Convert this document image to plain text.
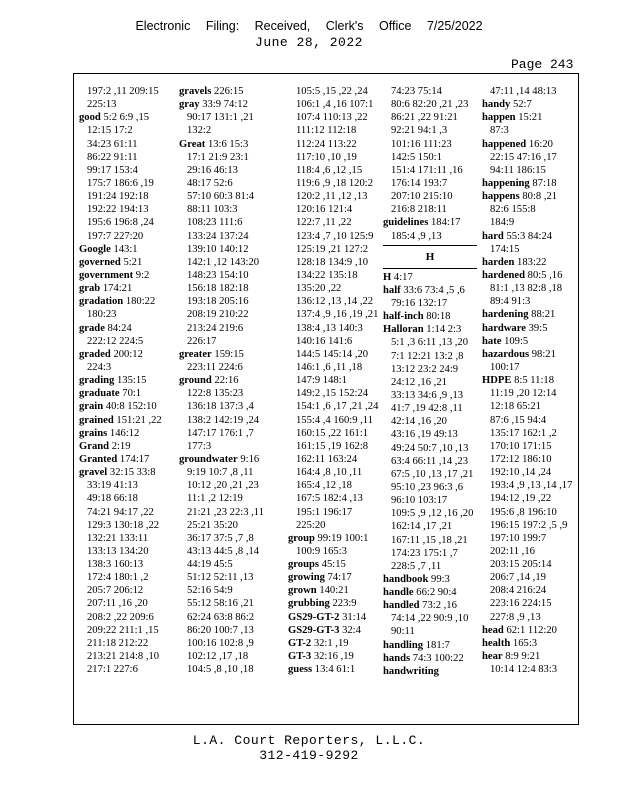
Electronic Filing: Received, Clerk's Office 7/25/2022
June 28, 2022
Page 243
197:2 ,11 209:15
225:13
good 5:2 6:9 ,15
12:15 17:2
34:23 61:11
86:22 91:11
99:17 153:4
175:7 186:6 ,19
191:24 192:18
192:22 194:13
195:6 196:8 ,24
197:7 227:20
Google 143:1
governed 5:21
government 9:2
grab 174:21
gradation 180:22
180:23
grade 84:24
222:12 224:5
graded 200:12
224:3
grading 135:15
graduate 70:1
grain 40:8 152:10
grained 151:21 ,22
grains 146:12
Grand 2:19
Granted 174:17
gravel 32:15 33:8
33:19 41:13
49:18 66:18
74:21 94:17 ,22
129:3 130:18 ,22
132:21 133:11
133:13 134:20
138:3 160:13
172:4 180:1 ,2
205:7 206:12
207:11 ,16 ,20
208:2 ,22 209:6
209:22 211:1 ,15
211:18 212:22
213:21 214:8 ,10
217:1 227:6
gravels 226:15
gray 33:9 74:12
90:17 131:1 ,21
132:2
Great 13:6 15:3
17:1 21:9 23:1
29:16 46:13
48:17 52:6
57:10 60:3 81:4
88:11 103:3
108:23 111:6
133:24 137:24
139:10 140:12
142:1 ,12 143:20
148:23 154:10
156:18 182:18
193:18 205:16
208:19 210:22
213:24 219:6
226:17
greater 159:15
223:11 224:6
ground 22:16
122:8 135:23
136:18 137:3 ,4
138:2 142:19 ,24
147:17 176:1 ,7
177:3
groundwater 9:16
9:19 10:7 ,8 ,11
10:12 ,20 ,21 ,23
11:1 ,2 12:19
21:21 ,23 22:3 ,11
25:21 35:20
36:17 37:5 ,7 ,8
43:13 44:5 ,8 ,14
44:19 45:5
51:12 52:11 ,13
52:16 54:9
55:12 58:16 ,21
62:24 63:8 86:2
86:20 100:7 ,13
100:16 102:8 ,9
102:12 ,17 ,18
104:5 ,8 ,10 ,18
105:5 ,15 ,22 ,24
106:1 ,4 ,16 107:1
107:4 110:13 ,22
111:12 112:18
112:24 113:22
117:10 ,10 ,19
118:4 ,6 ,12 ,15
119:6 ,9 ,18 120:2
120:2 ,11 ,12 ,13
120:16 121:4
122:7 ,11 ,22
123:4 ,7 ,10 125:9
125:19 ,21 127:2
128:18 134:9 ,10
134:22 135:18
135:20 ,22
136:12 ,13 ,14 ,22
137:4 ,9 ,16 ,19 ,21
138:4 ,13 140:3
140:16 141:6
144:5 145:14 ,20
146:1 ,6 ,11 ,18
147:9 148:1
149:2 ,15 152:24
154:1 ,6 ,17 ,21 ,24
155:4 ,4 160:9 ,11
160:15 ,22 161:1
161:15 ,19 162:8
162:11 163:24
164:4 ,8 ,10 ,11
165:4 ,12 ,18
167:5 182:4 ,13
195:1 196:17
225:20
group 99:19 100:1
100:9 165:3
groups 45:15
growing 74:17
grown 140:21
grubbing 223:9
GS29-GT-2 31:14
GS29-GT-3 32:4
GT-2 32:1 ,19
GT-3 32:16 ,19
guess 13:4 61:1
74:23 75:14
80:6 82:20 ,21 ,23
86:21 ,22 91:21
92:21 94:1 ,3
101:16 111:23
142:5 150:1
151:4 171:11 ,16
176:14 193:7
207:10 215:10
216:8 218:11
guidelines 184:17
185:4 ,9 ,13
H
H 4:17
half 33:6 73:4 ,5 ,6
79:16 132:17
half-inch 80:18
Halloran 1:14 2:3
5:1 ,3 6:11 ,13 ,20
7:1 12:21 13:2 ,8
13:12 23:2 24:9
24:12 ,16 ,21
33:13 34:6 ,9 ,13
41:7 ,19 42:8 ,11
42:14 ,16 ,20
43:16 ,19 49:13
49:24 50:7 ,10 ,13
63:4 66:11 ,14 ,23
67:5 ,10 ,13 ,17 ,21
95:10 ,23 96:3 ,6
96:10 103:17
109:5 ,9 ,12 ,16 ,20
162:14 ,17 ,21
167:11 ,15 ,18 ,21
174:23 175:1 ,7
228:5 ,7 ,11
handbook 99:3
handle 66:2 90:4
handled 73:2 ,16
74:14 ,22 90:9 ,10
90:11
handling 181:7
hands 74:3 100:22
handwriting
47:11 ,14 48:13
handy 52:7
happen 15:21
87:3
happened 16:20
22:15 47:16 ,17
94:11 186:15
happening 87:18
happens 80:8 ,21
82:6 155:8
184:9
hard 55:3 84:24
174:15
harden 183:22
hardened 80:5 ,16
81:1 ,13 82:8 ,18
89:4 91:3
hardening 88:21
hardware 39:5
hate 109:5
hazardous 98:21
100:17
HDPE 8:5 11:18
11:19 ,20 12:14
12:18 65:21
87:6 ,15 94:4
135:17 162:1 ,2
170:10 171:15
172:12 186:10
192:10 ,14 ,24
193:4 ,9 ,13 ,14 ,17
194:12 ,19 ,22
195:6 ,8 196:10
196:15 197:2 ,5 ,9
197:10 199:7
202:11 ,16
203:15 205:14
206:7 ,14 ,19
208:4 216:24
223:16 224:15
227:8 ,9 ,13
head 62:1 112:20
health 165:3
hear 8:9 9:21
10:14 12:4 83:3
L.A. Court Reporters, L.L.C.
312-419-9292
